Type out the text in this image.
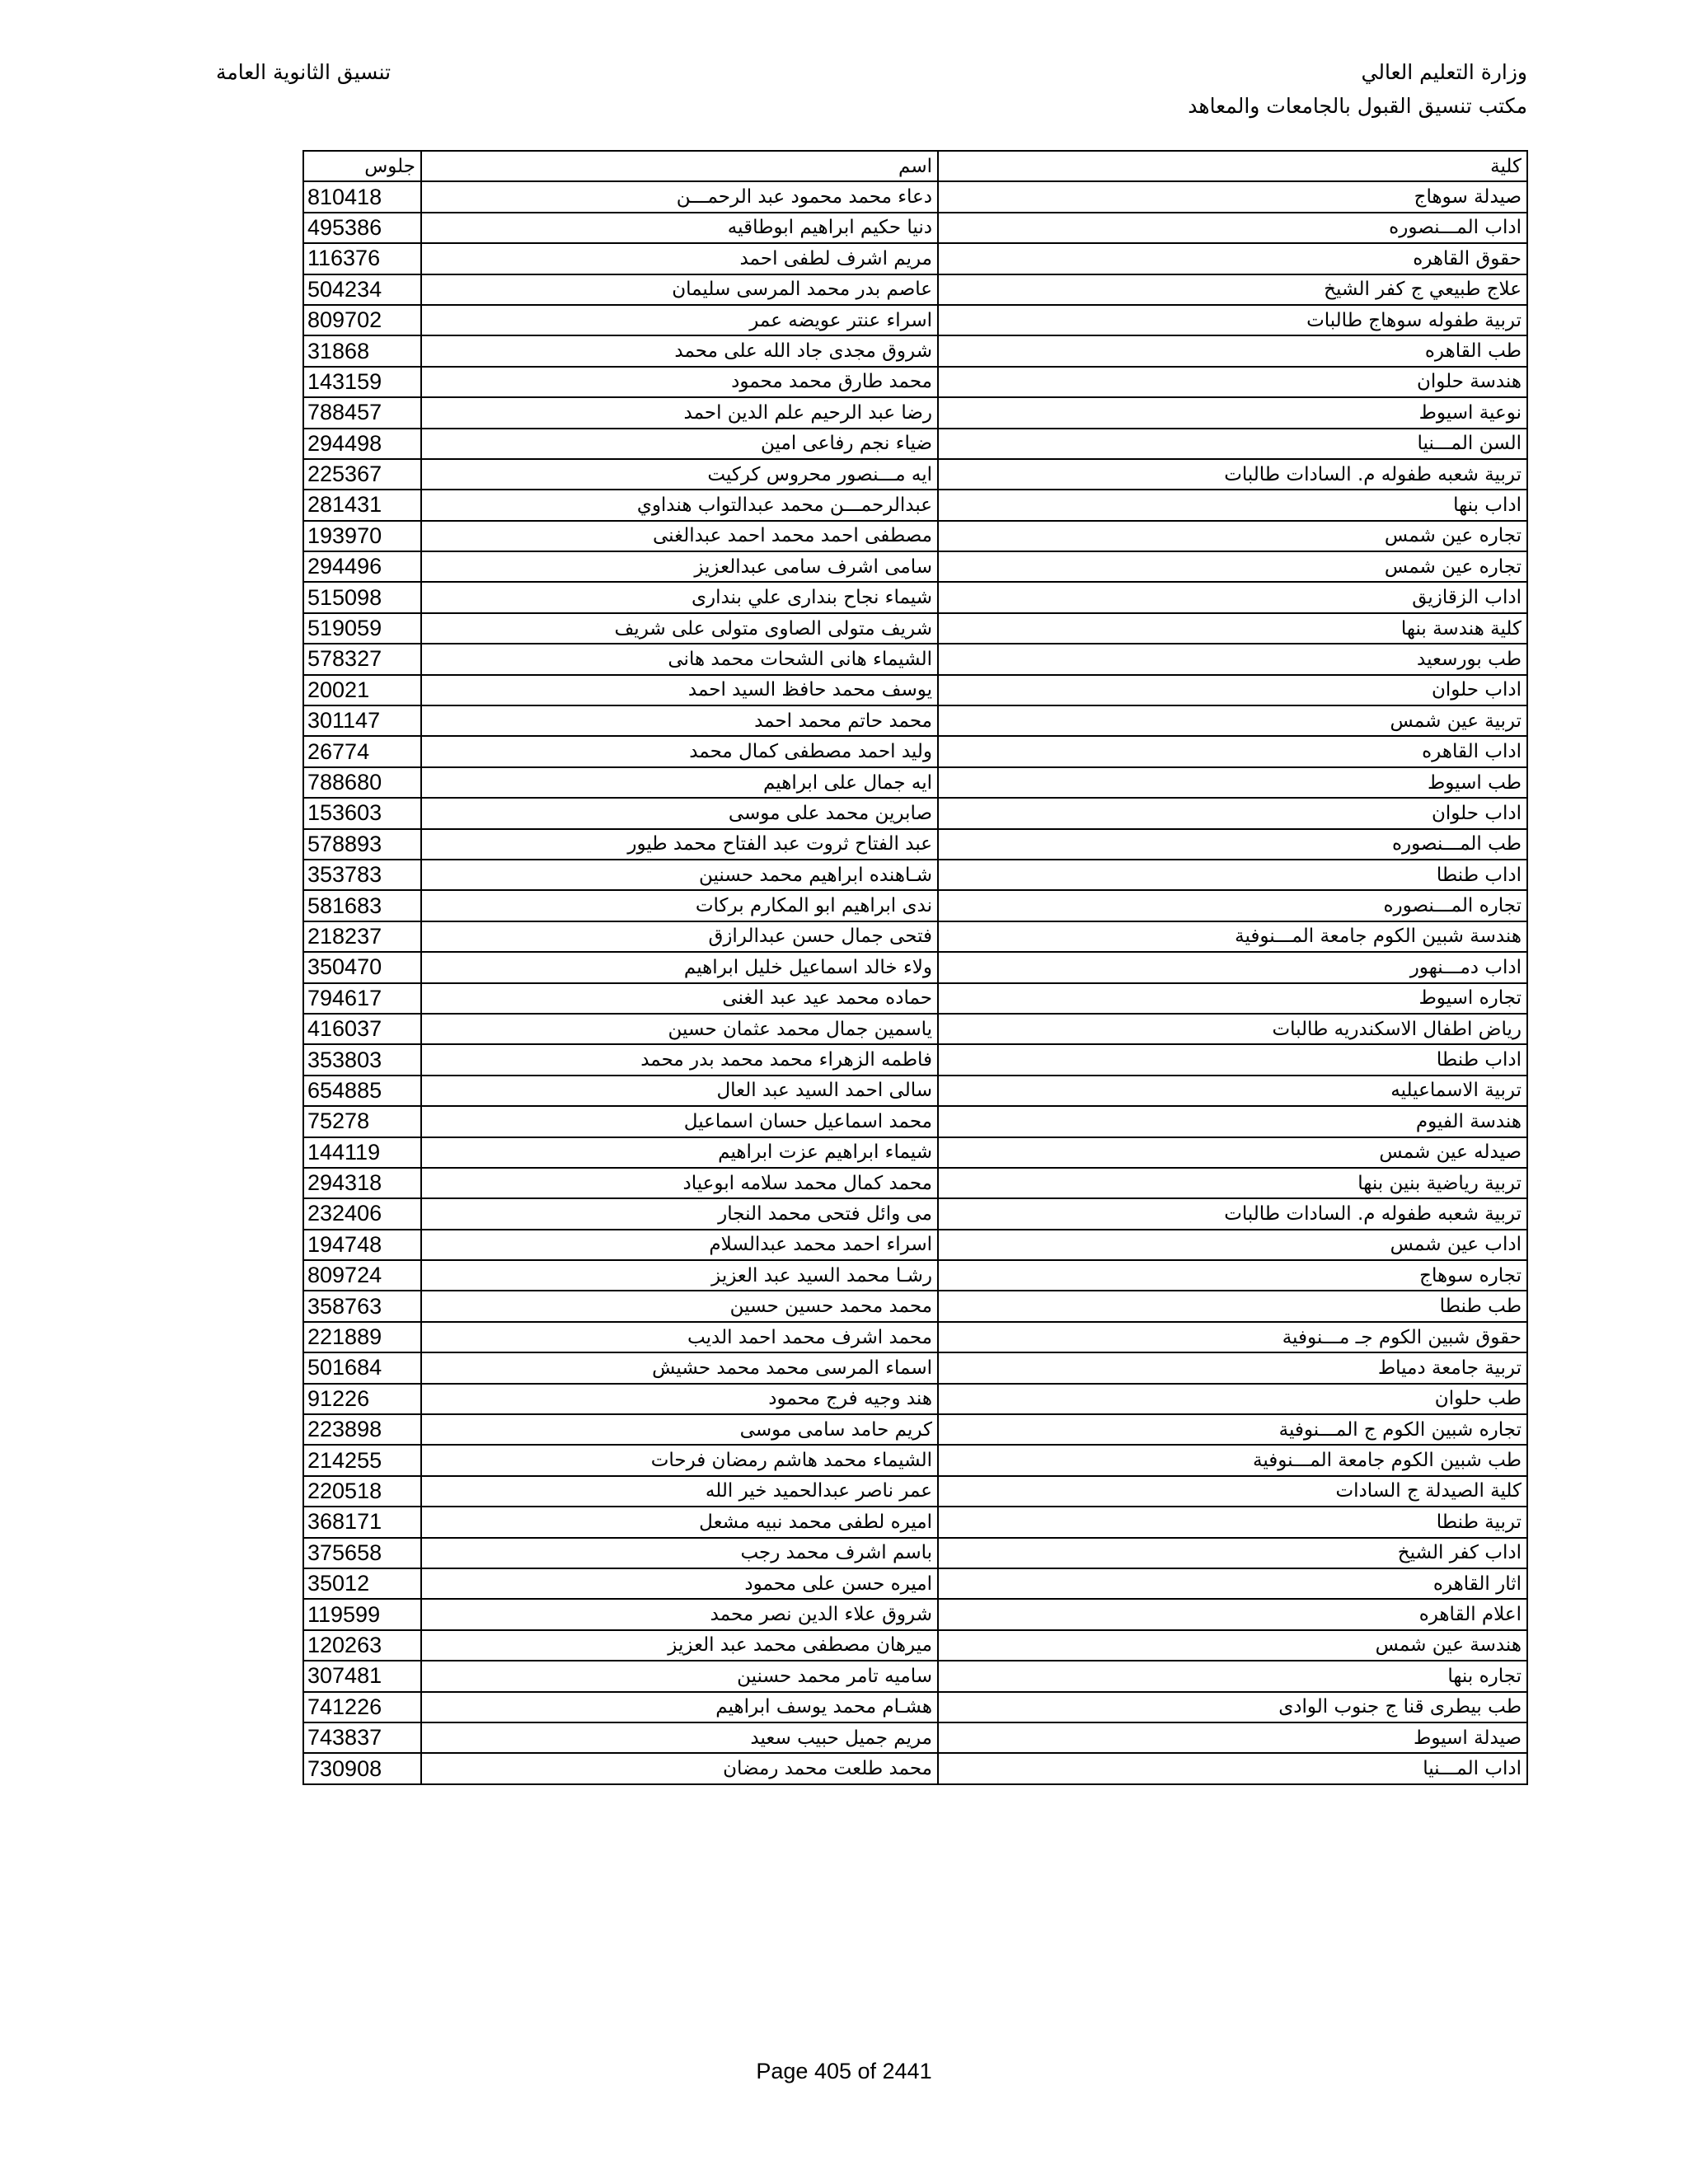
وزارة التعليم العالي
مكتب تنسيق القبول بالجامعات والمعاهد
تنسيق الثانوية العامة
جلوس	اسم	كلية
810418	دعاء محمد محمود عبد الرحمـــن	صيدلة سوهاج
495386	دنيا حكيم ابراهيم ابوطاقيه	اداب المـــنصوره
116376	مريم اشرف لطفى احمد	حقوق القاهره
504234	عاصم بدر محمد المرسى سليمان	علاج طبيعي ج كفر الشيخ
809702	اسراء عنتر عويضه عمر	تربية طفوله سوهاج طالبات
31868	شروق مجدى جاد الله على محمد	طب القاهره
143159	محمد طارق محمد محمود	هندسة حلوان
788457	رضا عبد الرحيم علم الدين احمد	نوعية اسيوط
294498	ضياء نجم رفاعى امين	السن المـــنيا
225367	ايه مـــنصور محروس كركيت	تربية شعبه طفوله م. السادات طالبات
281431	عبدالرحمـــن محمد عبدالتواب هنداوي	اداب بنها
193970	مصطفى احمد محمد احمد عبدالغنى	تجاره عين شمس
294496	سامى اشرف سامى عبدالعزيز	تجاره عين شمس
515098	شيماء نجاح بندارى علي بندارى	اداب الزقازيق
519059	شريف متولى الصاوى متولى على شريف	كلية هندسة بنها
578327	الشيماء هانى الشحات محمد هانى	طب بورسعيد
20021	يوسف محمد حافظ السيد احمد	اداب حلوان
301147	محمد حاتم محمد احمد	تربية عين شمس
26774	وليد احمد مصطفى كمال محمد	اداب القاهره
788680	ايه جمال على ابراهيم	طب اسيوط
153603	صابرين محمد على موسى	اداب حلوان
578893	عبد الفتاح ثروت عبد الفتاح محمد طيور	طب المـــنصوره
353783	شـاهنده ابراهيم محمد حسنين	اداب طنطا
581683	ندى ابراهيم ابو المكارم بركات	تجاره المـــنصوره
218237	فتحى جمال حسن عبدالرازق	هندسة شبين الكوم جامعة المـــنوفية
350470	ولاء خالد اسماعيل خليل ابراهيم	اداب دمـــنهور
794617	حماده محمد عيد عبد الغنى	تجاره اسيوط
416037	ياسمين جمال محمد عثمان حسين	رياض اطفال الاسكندريه طالبات
353803	فاطمه الزهراء محمد محمد بدر محمد	اداب طنطا
654885	سالى احمد السيد عبد العال	تربية الاسماعيليه
75278	محمد اسماعيل حسان اسماعيل	هندسة الفيوم
144119	شيماء ابراهيم عزت ابراهيم	صيدله عين شمس
294318	محمد كمال محمد سلامه ابوعياد	تربية رياضية بنين بنها
232406	مى وائل فتحى محمد النجار	تربية شعبه طفوله م. السادات طالبات
194748	اسراء احمد محمد عبدالسلام	اداب عين شمس
809724	رشـا محمد السيد عبد العزيز	تجاره سوهاج
358763	محمد محمد حسين حسين	طب طنطا
221889	محمد اشرف محمد احمد الديب	حقوق شبين الكوم جـ مـــنوفية
501684	اسماء المرسى محمد محمد حشيش	تربية جامعة دمياط
91226	هند وجيه فرج محمود	طب حلوان
223898	كريم حامد سامى موسى	تجاره شبين الكوم ج المـــنوفية
214255	الشيماء محمد هاشم رمضان فرحات	طب شبين الكوم جامعة المـــنوفية
220518	عمر ناصر عبدالحميد خير الله	كلية الصيدلة ج السادات
368171	اميره لطفى محمد نبيه مشعل	تربية طنطا
375658	باسم اشرف محمد رجب	اداب كفر الشيخ
35012	اميره حسن على محمود	اثار القاهره
119599	شروق علاء الدين نصر محمد	اعلام القاهره
120263	ميرهان مصطفى محمد عبد العزيز	هندسة عين شمس
307481	ساميه تامر محمد حسنين	تجاره بنها
741226	هشـام محمد يوسف ابراهيم	طب بيطرى قنا ج جنوب الوادى
743837	مريم جميل حبيب سعيد	صيدلة اسيوط
730908	محمد طلعت محمد رمضان	اداب المـــنيا
Page 405 of 2441
